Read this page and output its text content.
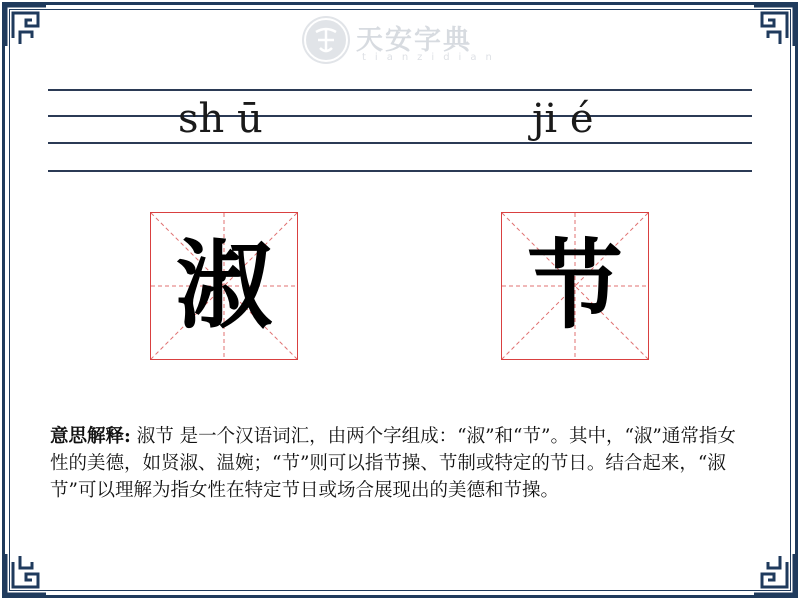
天安字典
tianzidian
sh ū	ji é
淑	节
意思解释: 淑节 是一个汉语词汇，由两个字组成：“淑”和“节”。其中，“淑”通常指女性的美德，如贤淑、温婉；“节”则可以指节操、节制或特定的节日。结合起来，“淑节”可以理解为指女性在特定节日或场合展现出的美德和节操。
